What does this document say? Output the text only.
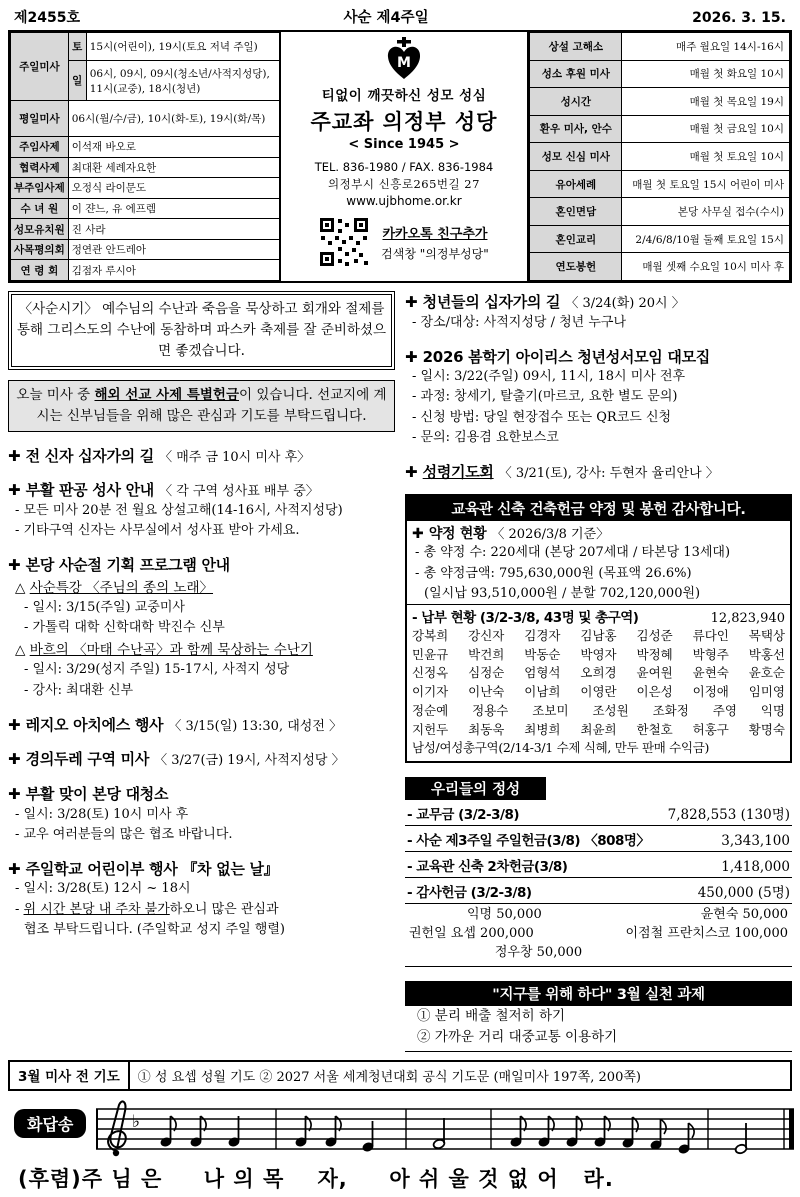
제2455호	사순 제4주일	2026. 3. 15.
주일미사	토	15시(어린이), 19시(토요 저녁 주일)
	일	06시, 09시, 09시(청소년/사적지성당), 11시(교중), 18시(청년)
평일미사	06시(월/수/금), 10시(화-토), 19시(화/목)	
주임사제	이석재 바오로	
협력사제	최대환 세례자요한	
부주임사제	오정식 라이문도	
수 녀 원	이 쟌느, 유 에프렘	
성모유치원	진 사라	
사목평의회	정연관 안드레아	
연 령 회	김점자 루시아	
M
티없이 깨끗하신 성모 성심
주교좌 의정부 성당
< Since 1945 >
TEL. 836-1980 / FAX. 836-1984
의정부시 신흥로265번길 27
www.ujbhome.or.kr
카카오톡 친구추가
검색창 "의정부성당"
상설 고해소	매주 월요일 14시-16시
성소 후원 미사	매월 첫 화요일 10시
성시간	매월 첫 목요일 19시
환우 미사, 안수	매월 첫 금요일 10시
성모 신심 미사	매월 첫 토요일 10시
유아세례	매월 첫 토요일 15시 어린이 미사
혼인면담	본당 사무실 접수(수시)
혼인교리	2/4/6/8/10월 둘째 토요일 15시
연도봉헌	매월 셋째 수요일 10시 미사 후
〈사순시기〉 예수님의 수난과 죽음을 묵상하고 회개와 절제를 통해 그리스도의 수난에 동참하며 파스카 축제를 잘 준비하셨으면 좋겠습니다.
오늘 미사 중 해외 선교 사제 특별헌금이 있습니다. 선교지에 계시는 신부님들을 위해 많은 관심과 기도를 부탁드립니다.
✚ 전 신자 십자가의 길 〈 매주 금 10시 미사 후〉
✚ 부활 판공 성사 안내 〈 각 구역 성사표 배부 중〉
- 모든 미사 20분 전 월요 상설고해(14-16시, 사적지성당)
- 기타구역 신자는 사무실에서 성사표 받아 가세요.
✚ 본당 사순절 기획 프로그램 안내
△ 사순특강 〈주님의 종의 노래〉
- 일시: 3/15(주일) 교중미사
- 가톨릭 대학 신학대학 박진수 신부
△ 바흐의 〈마태 수난곡〉과 함께 묵상하는 수난기
- 일시: 3/29(성지 주일) 15-17시, 사적지 성당
- 강사: 최대환 신부
✚ 레지오 아치에스 행사 〈 3/15(일) 13:30, 대성전 〉
✚ 경의두레 구역 미사 〈 3/27(금) 19시, 사적지성당 〉
✚ 부활 맞이 본당 대청소
- 일시: 3/28(토) 10시 미사 후
- 교우 여러분들의 많은 협조 바랍니다.
✚ 주일학교 어린이부 행사 『차 없는 날』
- 일시: 3/28(토) 12시 ~ 18시
- 위 시간 본당 내 주차 불가하오니 많은 관심과
협조 부탁드립니다. (주일학교 성지 주일 행렬)
✚ 청년들의 십자가의 길 〈 3/24(화) 20시 〉
- 장소/대상: 사적지성당 / 청년 누구나
✚ 2026 봄학기 아이리스 청년성서모임 대모집
- 일시: 3/22(주일) 09시, 11시, 18시 미사 전후
- 과정: 창세기, 탈출기(마르코, 요한 별도 문의)
- 신청 방법: 당일 현장접수 또는 QR코드 신청
- 문의: 김용겸 요한보스코
✚ 성령기도회 〈 3/21(토), 강사: 두현자 율리안나 〉
교육관 신축 건축헌금 약정 및 봉헌 감사합니다.
✚ 약정 현황 〈 2026/3/8 기준〉
- 총 약정 수: 220세대 (본당 207세대 / 타본당 13세대)
- 총 약정금액: 795,630,000원 (목표액 26.6%)
(일시납 93,510,000원 / 분할 702,120,000원)
- 납부 현황 (3/2-3/8, 43명 및 총구역)	12,823,940
강복희 강신자 김경자 김남홍 김성준 류다인 목택상
민윤규 박건희 박동순 박영자 박정혜 박형주 박홍선
신정옥 심정순 엄형석 오희경 윤여원 윤현숙 윤호순
이기자 이난숙 이남희 이영란 이은성 이정애 임미영
정순예 정용수 조보미 조성원 조화정 주영 익명
지헌두 최동욱 최병희 최윤희 한철호 허홍구 황명숙
남성/여성총구역(2/14-3/1 수제 식혜, 만두 판매 수익금)
우리들의 정성
- 교무금 (3/2-3/8)	7,828,553 (130명)
- 사순 제3주일 주일헌금(3/8) 〈808명〉	3,343,100
- 교육관 신축 2차헌금(3/8)	1,418,000
- 감사헌금 (3/2-3/8)	450,000 (5명)
익명 50,000	윤현숙 50,000
권헌일 요셉 200,000	이점철 프란치스코 100,000
정우창 50,000
"지구를 위해 하다" 3월 실천 과제
① 분리 배출 철저히 하기
② 가까운 거리 대중교통 이용하기
3월 미사 전 기도	① 성 요셉 성월 기도 ② 2027 서울 세계청년대회 공식 기도문 (매일미사 197쪽, 200쪽)
화답송	♭
(후렴)주 님 은     나 의 목    자,     아 쉬 울 것 없 어   라.
